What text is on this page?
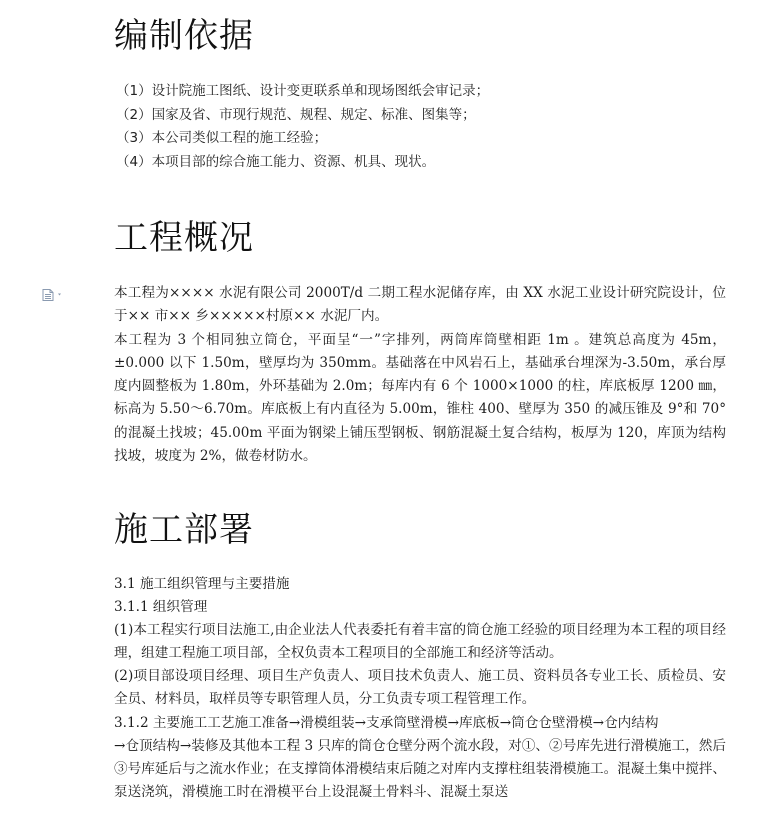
编制依据
（1）设计院施工图纸、设计变更联系单和现场图纸会审记录；
（2）国家及省、市现行规范、规程、规定、标准、图集等；
（3）本公司类似工程的施工经验；
（4）本项目部的综合施工能力、资源、机具、现状。
工程概况

本工程为×××× 水泥有限公司 2000T/d 二期工程水泥储存库，由 XX 水泥工业设计研究院设计，位于×× 市×× 乡×××××村原×× 水泥厂内。

本工程为 3 个相同独立筒仓，平面呈“一”字排列，两筒库筒壁相距 1m 。建筑总高度为 45m，±0.000 以下 1.50m，壁厚均为 350mm。基础落在中风岩石上，基础承台埋深为-3.50m，承台厚度内圆整板为 1.80m，外环基础为 2.0m；每库内有 6 个 1000×1000 的柱，库底板厚 1200 ㎜，标高为 5.50～6.70m。库底板上有内直径为 5.00m，锥柱 400、壁厚为 350 的减压锥及 9°和 70° 的混凝土找坡；45.00m 平面为钢梁上铺压型钢板、钢筋混凝土复合结构，板厚为 120，库顶为结构找坡，坡度为 2%，做卷材防水。

施工部署

3.1 施工组织管理与主要措施

3.1.1 组织管理

(1)本工程实行项目法施工,由企业法人代表委托有着丰富的筒仓施工经验的项目经理为本工程的项目经理，组建工程施工项目部，全权负责本工程项目的全部施工和经济等活动。

(2)项目部设项目经理、项目生产负责人、项目技术负责人、施工员、资料员各专业工长、质检员、安全员、材料员，取样员等专职管理人员，分工负责专项工程管理工作。

3.1.2 主要施工工艺施工准备→滑模组装→支承筒壁滑模→库底板→筒仓仓壁滑模→仓内结构

→仓顶结构→装修及其他本工程 3 只库的筒仓仓壁分两个流水段，对①、②号库先进行滑模施工，然后③号库延后与之流水作业；在支撑筒体滑模结束后随之对库内支撑柱组装滑模施工。混凝土集中搅拌、泵送浇筑，滑模施工时在滑模平台上设混凝土骨料斗、混凝土泵送
